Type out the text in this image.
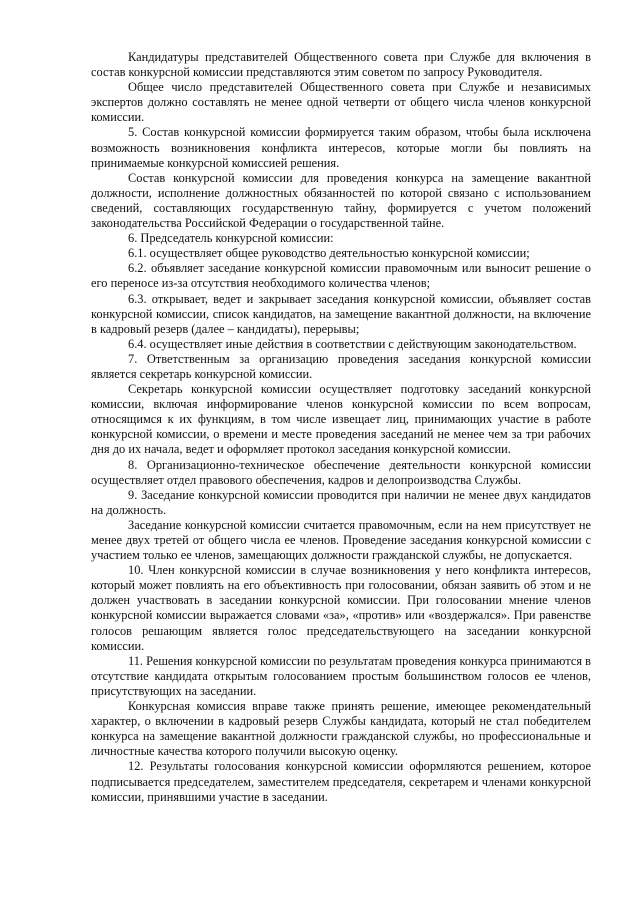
Кандидатуры представителей Общественного совета при Службе для включения в состав конкурсной комиссии представляются этим советом по запросу Руководителя.

Общее число представителей Общественного совета при Службе и независимых экспертов должно составлять не менее одной четверти от общего числа членов конкурсной комиссии.

5. Состав конкурсной комиссии формируется таким образом, чтобы была исключена возможность возникновения конфликта интересов, которые могли бы повлиять на принимаемые конкурсной комиссией решения.

Состав конкурсной комиссии для проведения конкурса на замещение вакантной должности, исполнение должностных обязанностей по которой связано с использованием сведений, составляющих государственную тайну, формируется с учетом положений законодательства Российской Федерации о государственной тайне.

6. Председатель конкурсной комиссии:

6.1. осуществляет общее руководство деятельностью конкурсной комиссии;

6.2. объявляет заседание конкурсной комиссии правомочным или выносит решение о его переносе из-за отсутствия необходимого количества членов;

6.3. открывает, ведет и закрывает заседания конкурсной комиссии, объявляет состав конкурсной комиссии, список кандидатов, на замещение вакантной должности, на включение в кадровый резерв (далее – кандидаты), перерывы;

6.4. осуществляет иные действия в соответствии с действующим законодательством.

7. Ответственным за организацию проведения заседания конкурсной комиссии является секретарь конкурсной комиссии.

Секретарь конкурсной комиссии осуществляет подготовку заседаний конкурсной комиссии, включая информирование членов конкурсной комиссии по всем вопросам, относящимся к их функциям, в том числе извещает лиц, принимающих участие в работе конкурсной комиссии, о времени и месте проведения заседаний не менее чем за три рабочих дня до их начала, ведет и оформляет протокол заседания конкурсной комиссии.

8. Организационно-техническое обеспечение деятельности конкурсной комиссии осуществляет отдел правового обеспечения, кадров и делопроизводства Службы.

9. Заседание конкурсной комиссии проводится при наличии не менее двух кандидатов на должность.

Заседание конкурсной комиссии считается правомочным, если на нем присутствует не менее двух третей от общего числа ее членов. Проведение заседания конкурсной комиссии с участием только ее членов, замещающих должности гражданской службы, не допускается.

10. Член конкурсной комиссии в случае возникновения у него конфликта интересов, который может повлиять на его объективность при голосовании, обязан заявить об этом и не должен участвовать в заседании конкурсной комиссии. При голосовании мнение членов конкурсной комиссии выражается словами «за», «против» или «воздержался». При равенстве голосов решающим является голос председательствующего на заседании конкурсной комиссии.

11. Решения конкурсной комиссии по результатам проведения конкурса принимаются в отсутствие кандидата открытым голосованием простым большинством голосов ее членов, присутствующих на заседании.

Конкурсная комиссия вправе также принять решение, имеющее рекомендательный характер, о включении в кадровый резерв Службы кандидата, который не стал победителем конкурса на замещение вакантной должности гражданской службы, но профессиональные и личностные качества которого получили высокую оценку.

12. Результаты голосования конкурсной комиссии оформляются решением, которое подписывается председателем, заместителем председателя, секретарем и членами конкурсной комиссии, принявшими участие в заседании.
